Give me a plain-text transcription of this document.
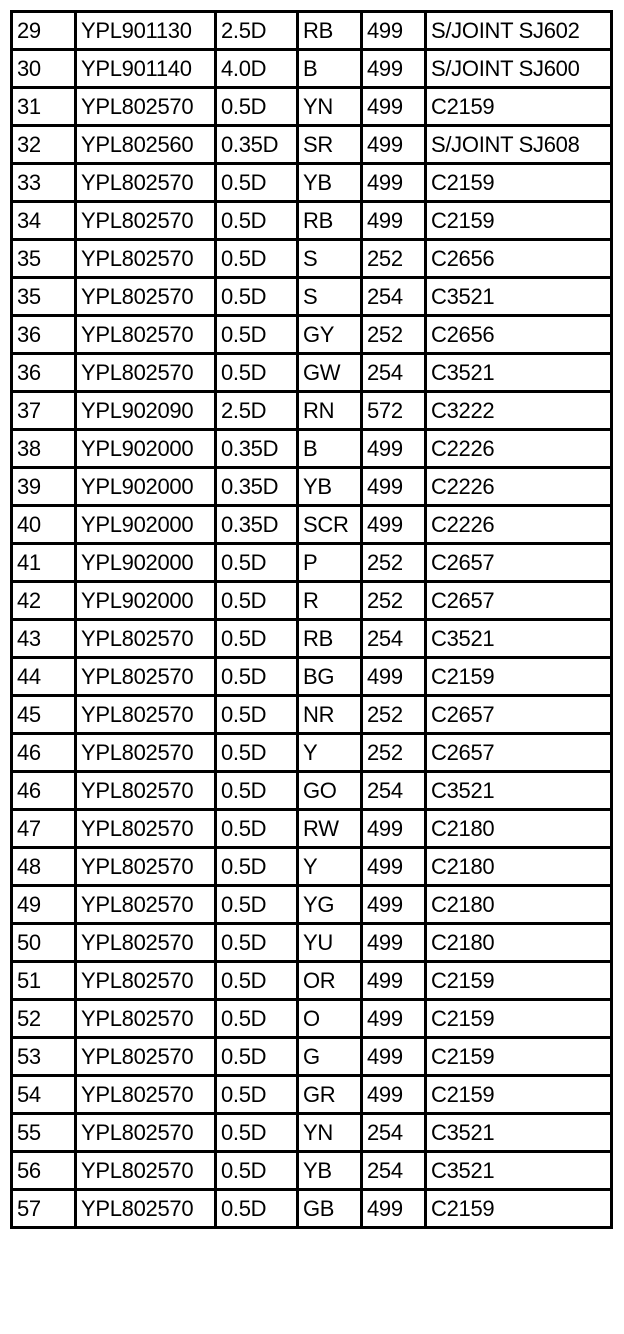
29	YPL901130	2.5D	RB	499	S/JOINT SJ602
30	YPL901140	4.0D	B	499	S/JOINT SJ600
31	YPL802570	0.5D	YN	499	C2159
32	YPL802560	0.35D	SR	499	S/JOINT SJ608
33	YPL802570	0.5D	YB	499	C2159
34	YPL802570	0.5D	RB	499	C2159
35	YPL802570	0.5D	S	252	C2656
35	YPL802570	0.5D	S	254	C3521
36	YPL802570	0.5D	GY	252	C2656
36	YPL802570	0.5D	GW	254	C3521
37	YPL902090	2.5D	RN	572	C3222
38	YPL902000	0.35D	B	499	C2226
39	YPL902000	0.35D	YB	499	C2226
40	YPL902000	0.35D	SCR	499	C2226
41	YPL902000	0.5D	P	252	C2657
42	YPL902000	0.5D	R	252	C2657
43	YPL802570	0.5D	RB	254	C3521
44	YPL802570	0.5D	BG	499	C2159
45	YPL802570	0.5D	NR	252	C2657
46	YPL802570	0.5D	Y	252	C2657
46	YPL802570	0.5D	GO	254	C3521
47	YPL802570	0.5D	RW	499	C2180
48	YPL802570	0.5D	Y	499	C2180
49	YPL802570	0.5D	YG	499	C2180
50	YPL802570	0.5D	YU	499	C2180
51	YPL802570	0.5D	OR	499	C2159
52	YPL802570	0.5D	O	499	C2159
53	YPL802570	0.5D	G	499	C2159
54	YPL802570	0.5D	GR	499	C2159
55	YPL802570	0.5D	YN	254	C3521
56	YPL802570	0.5D	YB	254	C3521
57	YPL802570	0.5D	GB	499	C2159
